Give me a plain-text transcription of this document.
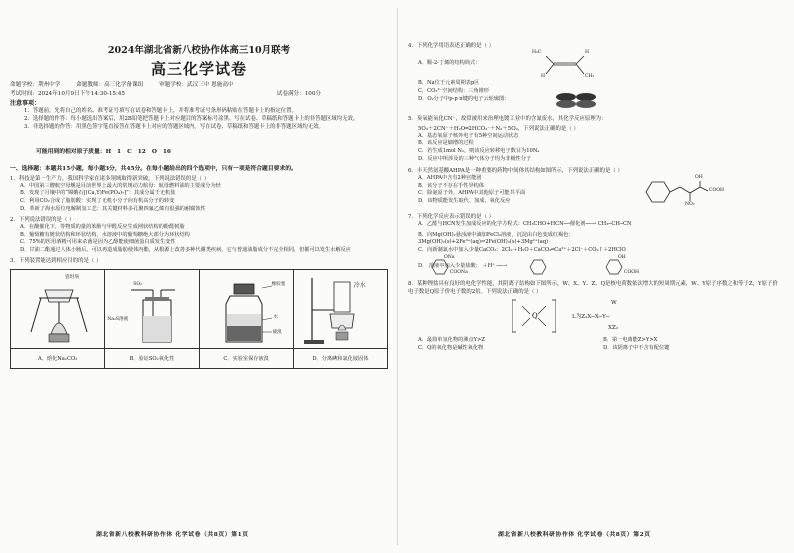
2024年湖北省新八校协作体高三10月联考
高三化学试卷
命题学校：荆州中学	命题教师：高三化学备课组	审题学校：武汉三中 恩施高中
考试时间：2024年10月9日下午14:30-15:45	试卷满分：100分
注意事项：
1．答题前，先将自己的姓名、准考证号填写在试卷和答题卡上，并将准考证号条形码粘贴在答题卡上的指定位置。
2．选择题的作答：每小题选出答案后，用2B铅笔把答题卡上对应题目的答案标号涂黑。写在试卷、草稿纸和答题卡上的非答题区域均无效。
3．非选择题的作答：用黑色签字笔直接答在答题卡上对应的答题区域内。写在试卷、草稿纸和答题卡上的非答题区域均无效。
可能用到的相对原子质量：H 1 C 12 O 16
一、选择题：本题共15小题，每小题3分，共45分。在每小题给出的四个选项中，只有一项是符合题目要求的。
1．科技是第一生产力，我国科学家在诸多领域取得新突破，下列说法错误的是（ ）
A．中国第三艘航空母舰是目前世界上最大的常规动力航母：航母燃料油的主要成分为烃
B．发现了月壤中的“嫦娥石[(Ca,Y)Fe(PO₄)₇]”：其成分属于无机盐
C．利用CO₂合成了脂肪酸：实现了无机小分子向有机高分子的转变
D．革新了海水原位电解制氢工艺：其关键材料多孔聚四氟乙烯有很强的耐腐蚀性
2．下列说法错误的是（ ）
A．在酸催化下，等物质的量的苯酚与甲醛反应生成网状结构的酚醛树脂
B．葡萄糖有链状结构和环状结构，水溶液中的葡萄糖绝大部分为环状结构
C．75%的医用酒精可用来杀菌是因为乙醇能使细菌蛋白质发生变性
D．甘油二酯通过人体小肠后，可以再造成脂肪使体内酯，从根源上改善多种代谢类疾病，它与普通油脂成分不完全相同，但都可以发生水解反应
3．下列装置能达到相应目的的是（ ）
瓷坩埚
A．熔化Na₂CO₃
SO₂
Na₂S溶液
B．验证SO₂氧化性
橡胶塞
水
液溴
C．实验室保存液溴
冷水
D．分离碘和氯化铵固体
湖北省新八校教科研协作体 化学试卷（共8页）第1页
4．下列化学用语表述正确的是（ ）
A．顺-2-丁烯的结构简式：
H₃C
H
H
CH₃
B．Na位于元素周期表p区
C．CO₃²⁻空间结构：三角锥形
D．O₂分子中p-p π键的电子云轮廓图：
5．臭氧能氧化CN⁻，故常被用来治理电镀工业中的含氰废水，其化学反应原理为：
5O₃＋2CN⁻＋H₂O═2HCO₃⁻＋N₂＋5O₂，下列说法正确的是（ ）
A．基态氧原子核外电子有5种空间运动状态
B．该反应是熵增的过程
C．若生成1mol N₂，则该反应转移电子数目为10Nₐ
D．反应中所涉及的三种气体分子均为非极性分子
6．丰天然氨基酸AHPA是一种重要的药物中间体其结构如图所示，下列说法正确的是（ ）
A．AHPA中含有2种官能团
B．该分子不存在手性异构体
C．除氨原子外，AHPA中其他原子可能共平面
D．该物质能发生取代、加成、氧化反应
OH
COOH
NO₂
7．下列化学反应表示错误的是（ ）
A．乙醛与HCN发生加成反应的化学方程式：CH₃CHO+HCN──催化剂──→ CH₃─CH─CN
B．向Mg(OH)₂悬浊液中滴加FeCl₃溶液，沉淀由白色变成红褐色：
3Mg(OH)₂(s)+2Fe³⁺(aq)⇌2Fe(OH)₃(s)+3Mg²⁺(aq)
C．向新制氯水中加入少量CaCO₃：2Cl₂＋H₂O＋CaCO₃═Ca²⁺＋2Cl⁻＋CO₂↑＋2HClO
D． 溶液中加入少量盐酸： ＋H⁺ ──→
ONa
COONa
OH
COOH
8．某种锂盐具有良好的电化学性能，其阴离子结构如下图所示，W、X、Y、Z、Q是核电荷数依次增大的短周期元素，W、Y原子序数之和等于Z，Y原子价电子数是Q原子价电子数的2倍。下列说法正确的是（ ）
Q	L为Z₂X─X─Y─
W
XZ₂
A．最简单氢化物的沸点Y>Z	B．第一电离能Z>Y>X
C．Q的氧化物是碱性氧化物	D．该阴离子中不含有配位键
湖北省新八校教科研协作体 化学试卷（共8页）第2页
